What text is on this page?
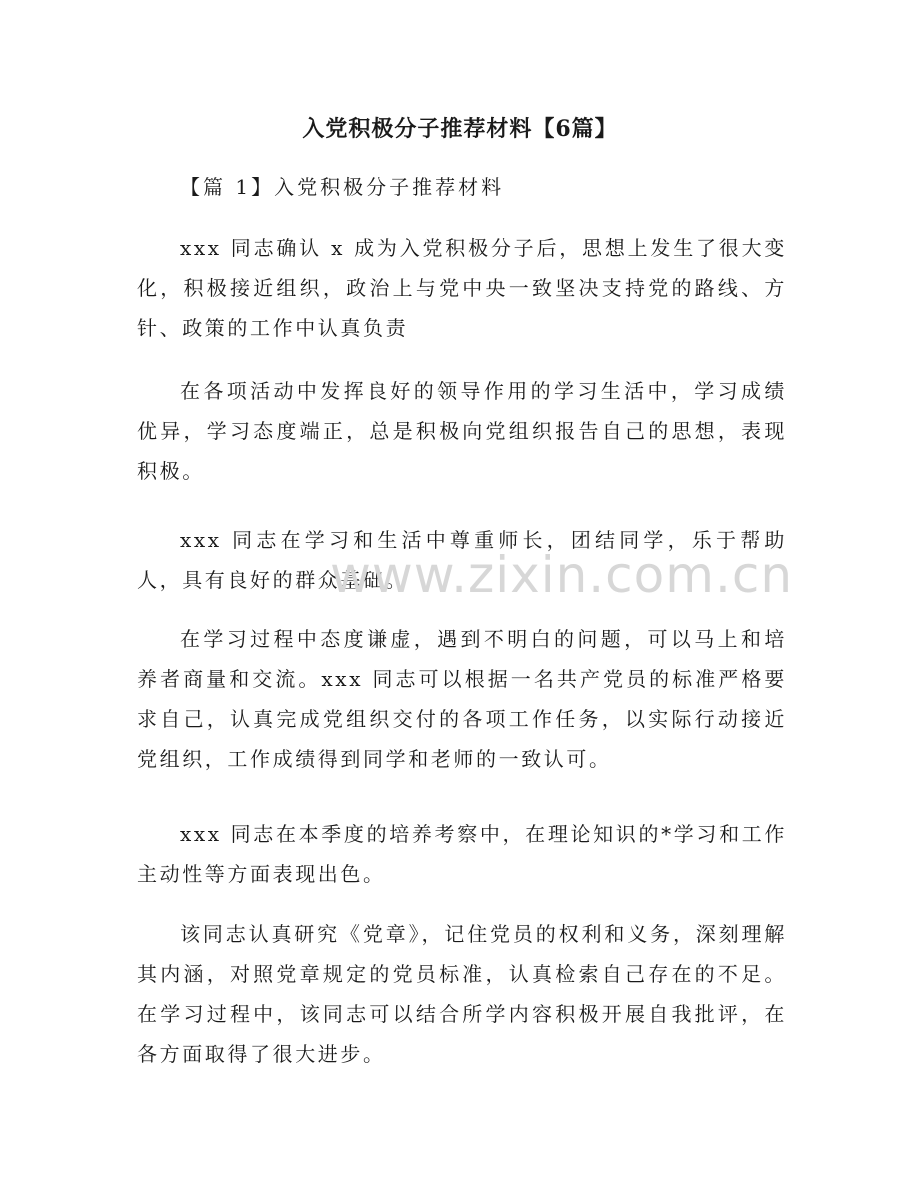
入党积极分子推荐材料【6篇】
【篇 1】入党积极分子推荐材料

xxx 同志确认 x 成为入党积极分子后，思想上发生了很大变化，积极接近组织，政治上与党中央一致坚决支持党的路线、方针、政策的工作中认真负责

在各项活动中发挥良好的领导作用的学习生活中，学习成绩优异，学习态度端正，总是积极向党组织报告自己的思想，表现积极。

xxx 同志在学习和生活中尊重师长，团结同学，乐于帮助人，具有良好的群众基础。

在学习过程中态度谦虚，遇到不明白的问题，可以马上和培养者商量和交流。xxx 同志可以根据一名共产党员的标准严格要求自己，认真完成党组织交付的各项工作任务，以实际行动接近党组织，工作成绩得到同学和老师的一致认可。

xxx 同志在本季度的培养考察中，在理论知识的*学习和工作主动性等方面表现出色。

该同志认真研究《党章》，记住党员的权利和义务，深刻理解其内涵，对照党章规定的党员标准，认真检索自己存在的不足。在学习过程中，该同志可以结合所学内容积极开展自我批评，在各方面取得了很大进步。

www.zixin.com.cn
